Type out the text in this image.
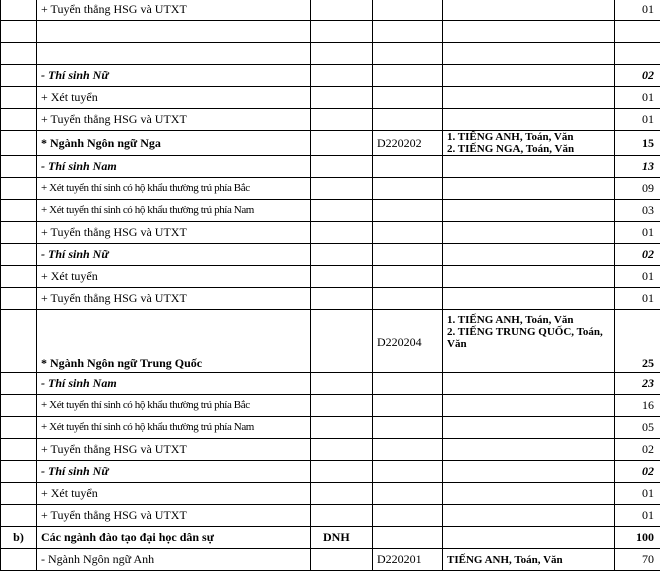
	+ Tuyển thẳng HSG và UTXT				01

	- Thí sinh Nữ				02
	+ Xét tuyển				01
	+ Tuyển thẳng HSG và UTXT				01
	* Ngành Ngôn ngữ Nga		D220202	1. TIẾNG ANH, Toán, Văn
2. TIẾNG NGA, Toán, Văn	15
	- Thí sinh Nam				13
	+ Xét tuyển thí sinh có hộ khẩu thường trú phía Bắc				09
	+ Xét tuyển thí sinh có hộ khẩu thường trú phía Nam				03
	+ Tuyển thẳng HSG và UTXT				01
	- Thí sinh Nữ				02
	+ Xét tuyển				01
	+ Tuyển thẳng HSG và UTXT				01
	* Ngành Ngôn ngữ Trung Quốc		D220204	1. TIẾNG ANH, Toán, Văn
2. TIẾNG TRUNG QUỐC, Toán, Văn	25
	- Thí sinh Nam				23
	+ Xét tuyển thí sinh có hộ khẩu thường trú phía Bắc				16
	+ Xét tuyển thí sinh có hộ khẩu thường trú phía Nam				05
	+ Tuyển thẳng HSG và UTXT				02
	- Thí sinh Nữ				02
	+ Xét tuyển				01
	+ Tuyển thẳng HSG và UTXT				01
b)	Các ngành đào tạo đại học dân sự	DNH			100
	- Ngành Ngôn ngữ Anh		D220201	TIẾNG ANH, Toán, Văn	70
